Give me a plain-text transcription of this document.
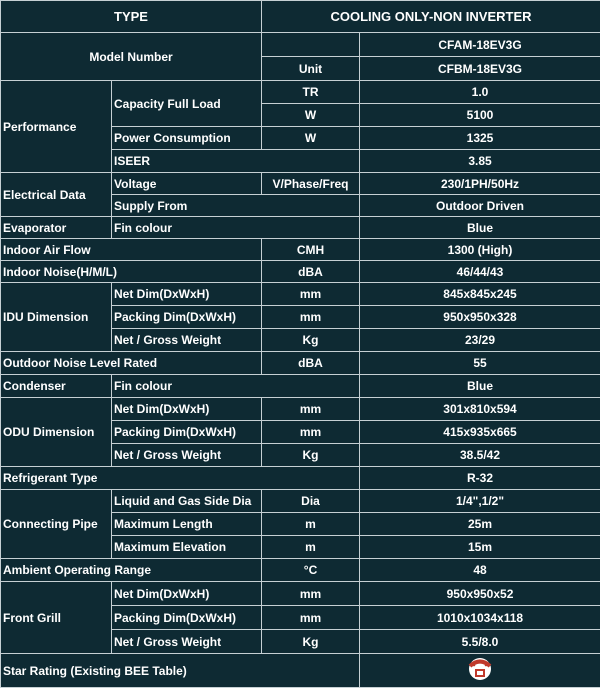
TYPE		COOLING ONLY-NON INVERTER	
Model Number			CFAM-18EV3G
		Unit	CFBM-18EV3G
Performance	Capacity Full Load	TR	1.0
		W	5100
	Power Consumption	W	1325
	ISEER		3.85
Electrical Data	Voltage	V/Phase/Freq	230/1PH/50Hz
	Supply From		Outdoor Driven
Evaporator	Fin colour		Blue
Indoor Air Flow		CMH	1300 (High)
Indoor Noise(H/M/L)		dBA	46/44/43
IDU Dimension	Net Dim(DxWxH)	mm	845x845x245
	Packing Dim(DxWxH)	mm	950x950x328
	Net / Gross Weight	Kg	23/29
Outdoor Noise Level Rated		dBA	55
Condenser	Fin colour		Blue
ODU Dimension	Net Dim(DxWxH)	mm	301x810x594
	Packing Dim(DxWxH)	mm	415x935x665
	Net / Gross Weight	Kg	38.5/42
Refrigerant Type			R-32
Connecting Pipe	Liquid and Gas Side Dia	Dia	1/4",1/2"
	Maximum Length	m	25m
	Maximum Elevation	m	15m
Ambient Operating Range		°C	48
Front Grill	Net Dim(DxWxH)	mm	950x950x52
	Packing Dim(DxWxH)	mm	1010x1034x118
	Net / Gross Weight	Kg	5.5/8.0
Star Rating (Existing BEE Table)	
